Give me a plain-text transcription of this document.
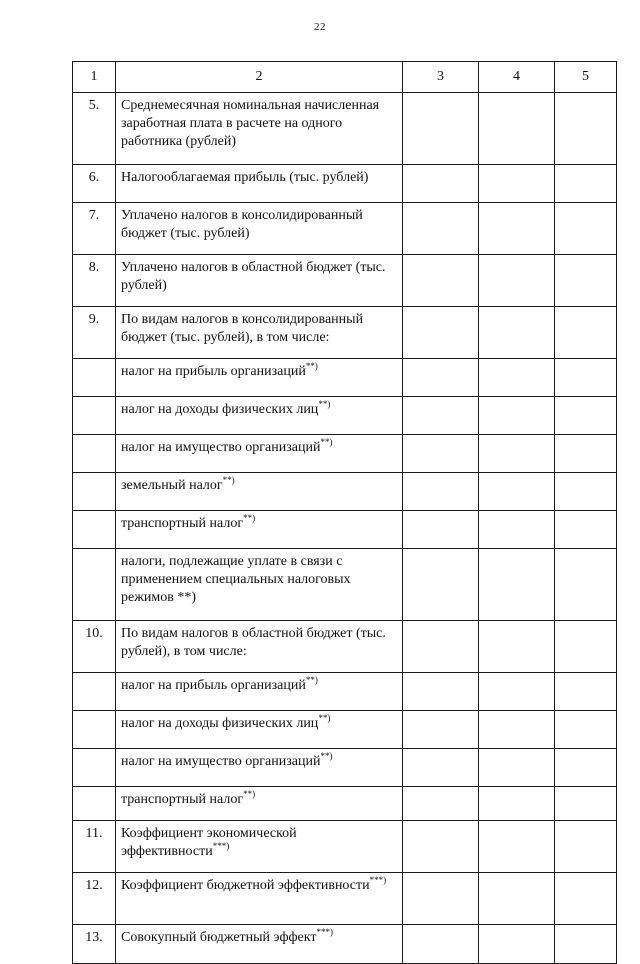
22
1	2	3	4	5
5.	Среднемесячная номинальная начисленная заработная плата в расчете на одного работника (рублей)			

6.	Налогооблагаемая прибыль (тыс. рублей)			

7.	Уплачено налогов в консолидированный бюджет (тыс. рублей)			

8.	Уплачено налогов в областной бюджет (тыс. рублей)			

9.	По видам налогов в консолидированный бюджет (тыс. рублей), в том числе:			

	налог на прибыль организаций**)			
	налог на доходы физических лиц**)			
	налог на имущество организаций**)			
	земельный налог**)			
	транспортный налог**)			

	налоги, подлежащие уплате в связи с применением специальных налоговых режимов **)			

10.	По видам налогов в областной бюджет (тыс. рублей), в том числе:			

	налог на прибыль организаций**)			
	налог на доходы физических лиц**)			
	налог на имущество организаций**)			
	транспортный налог**)			
11.	Коэффициент экономической эффективности***)			
12.	Коэффициент бюджетной эффективности***)			
13.	Совокупный бюджетный эффект***)			
